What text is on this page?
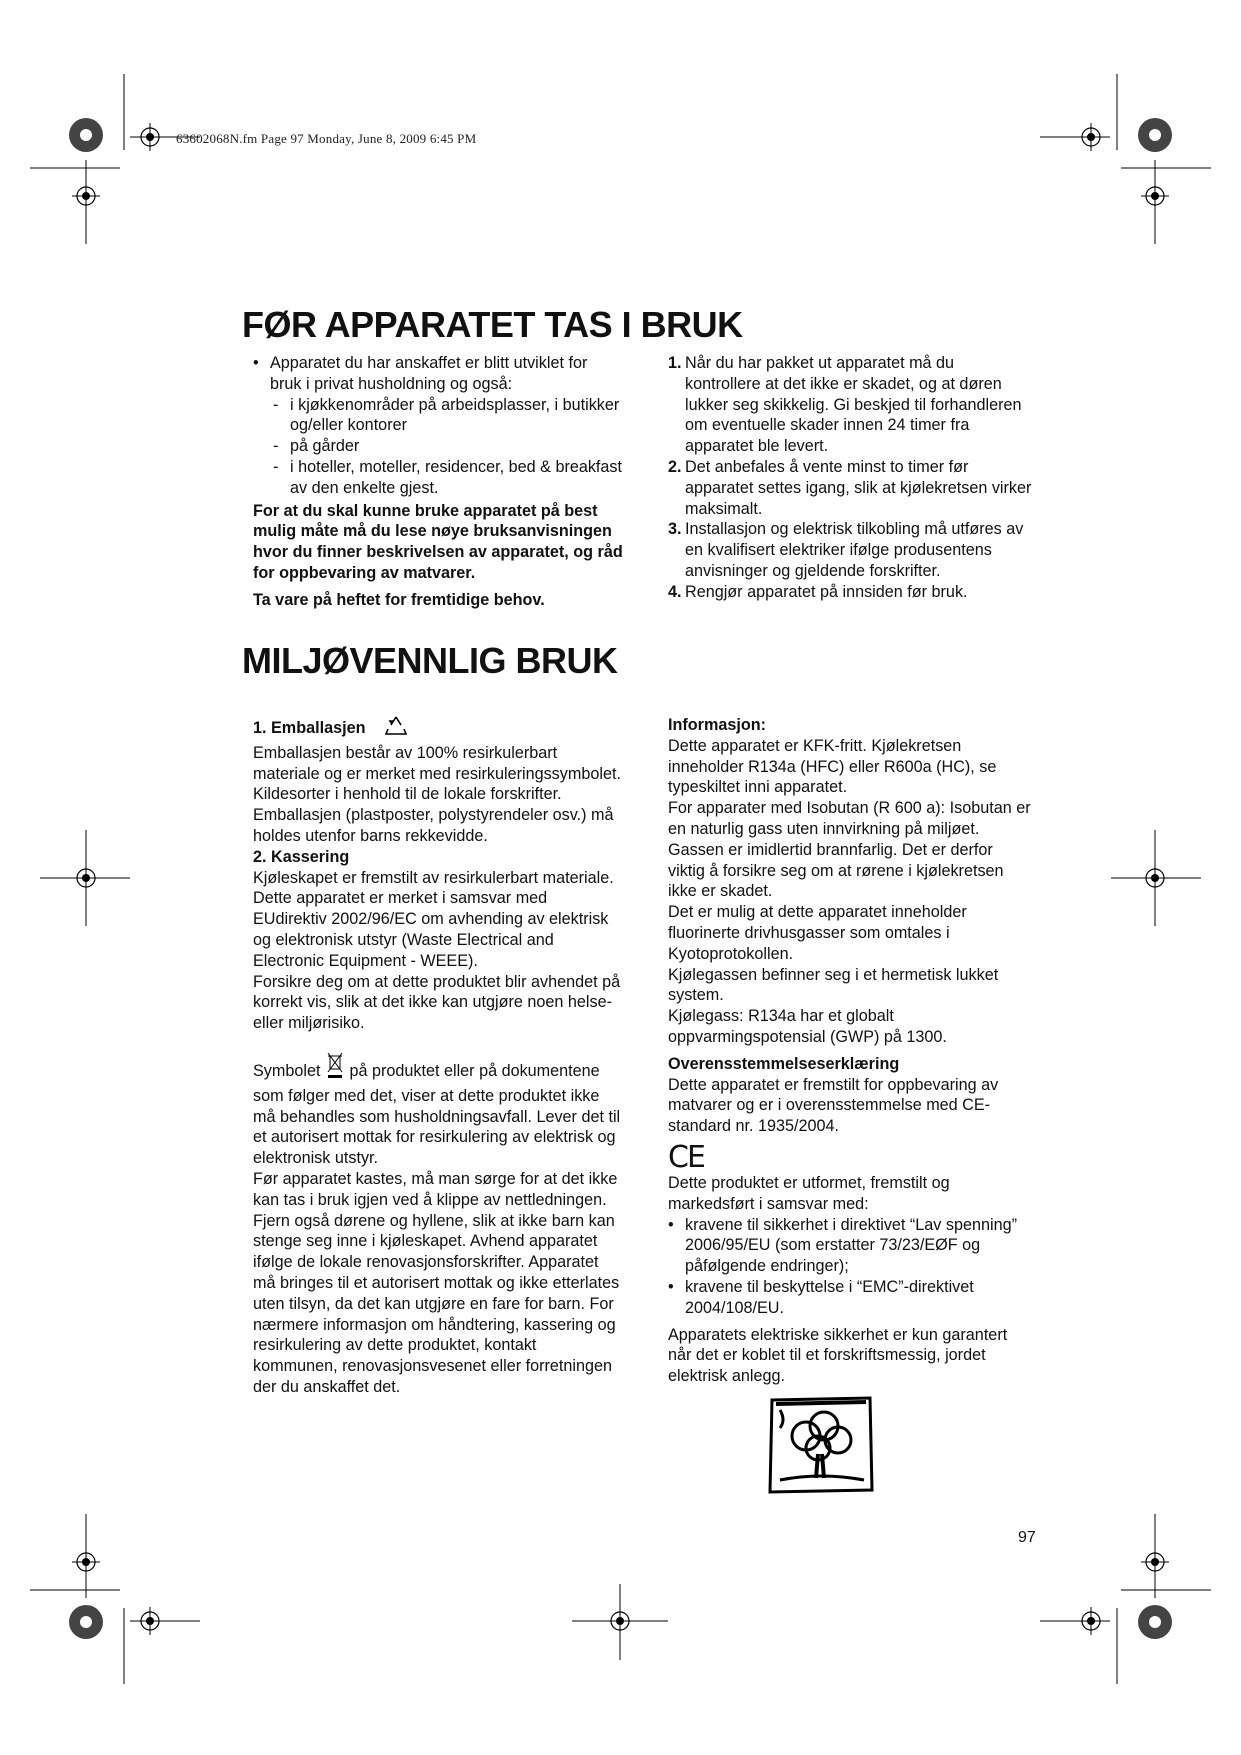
63602068N.fm Page 97 Monday, June 8, 2009 6:45 PM
FØR APPARATET TAS I BRUK

• Apparatet du har anskaffet er blitt utviklet for bruk i privat husholdning og også:

- i kjøkkenområder på arbeidsplasser, i butikker og/eller kontorer

- på gårder

- i hoteller, moteller, residencer, bed & breakfast av den enkelte gjest.

For at du skal kunne bruke apparatet på best mulig måte må du lese nøye bruksanvisningen hvor du finner beskrivelsen av apparatet, og råd for oppbevaring av matvarer.

Ta vare på heftet for fremtidige behov.

1. Når du har pakket ut apparatet må du kontrollere at det ikke er skadet, og at døren lukker seg skikkelig. Gi beskjed til forhandleren om eventuelle skader innen 24 timer fra apparatet ble levert.

2. Det anbefales å vente minst to timer før apparatet settes igang, slik at kjølekretsen virker maksimalt.

3. Installasjon og elektrisk tilkobling må utføres av en kvalifisert elektriker ifølge produsentens anvisninger og gjeldende forskrifter.

4. Rengjør apparatet på innsiden før bruk.

MILJØVENNLIG BRUK

1. Emballasjen

Emballasjen består av 100% resirkulerbart materiale og er merket med resirkuleringssymbolet. Kildesorter i henhold til de lokale forskrifter. Emballasjen (plastposter, polystyrendeler osv.) må holdes utenfor barns rekkevidde.

2. Kassering

Kjøleskapet er fremstilt av resirkulerbart materiale.

Dette apparatet er merket i samsvar med EUdirektiv 2002/96/EC om avhending av elektrisk og elektronisk utstyr (Waste Electrical and Electronic Equipment - WEEE).

Forsikre deg om at dette produktet blir avhendet på korrekt vis, slik at det ikke kan utgjøre noen helse- eller miljørisiko.

Symbolet på produktet eller på dokumentene som følger med det, viser at dette produktet ikke må behandles som husholdningsavfall. Lever det til et autorisert mottak for resirkulering av elektrisk og elektronisk utstyr.

Før apparatet kastes, må man sørge for at det ikke kan tas i bruk igjen ved å klippe av nettledningen.

Fjern også dørene og hyllene, slik at ikke barn kan stenge seg inne i kjøleskapet. Avhend apparatet ifølge de lokale renovasjonsforskrifter. Apparatet må bringes til et autorisert mottak og ikke etterlates uten tilsyn, da det kan utgjøre en fare for barn. For nærmere informasjon om håndtering, kassering og resirkulering av dette produktet, kontakt kommunen, renovasjonsvesenet eller forretningen der du anskaffet det.

Informasjon:

Dette apparatet er KFK-fritt. Kjølekretsen inneholder R134a (HFC) eller R600a (HC), se typeskiltet inni apparatet.

For apparater med Isobutan (R 600 a): Isobutan er en naturlig gass uten innvirkning på miljøet. Gassen er imidlertid brannfarlig. Det er derfor viktig å forsikre seg om at rørene i kjølekretsen ikke er skadet.

Det er mulig at dette apparatet inneholder fluorinerte drivhusgasser som omtales i Kyotoprotokollen.

Kjølegassen befinner seg i et hermetisk lukket system.

Kjølegass: R134a har et globalt oppvarmingspotensial (GWP) på 1300.

Overensstemmelseserklæring

Dette apparatet er fremstilt for oppbevaring av matvarer og er i overensstemmelse med CE-standard nr. 1935/2004.

CE

Dette produktet er utformet, fremstilt og markedsført i samsvar med:

• kravene til sikkerhet i direktivet “Lav spenning” 2006/95/EU (som erstatter 73/23/EØF og påfølgende endringer);

• kravene til beskyttelse i “EMC”-direktivet 2004/108/EU.

Apparatets elektriske sikkerhet er kun garantert når det er koblet til et forskriftsmessig, jordet elektrisk anlegg.

97
